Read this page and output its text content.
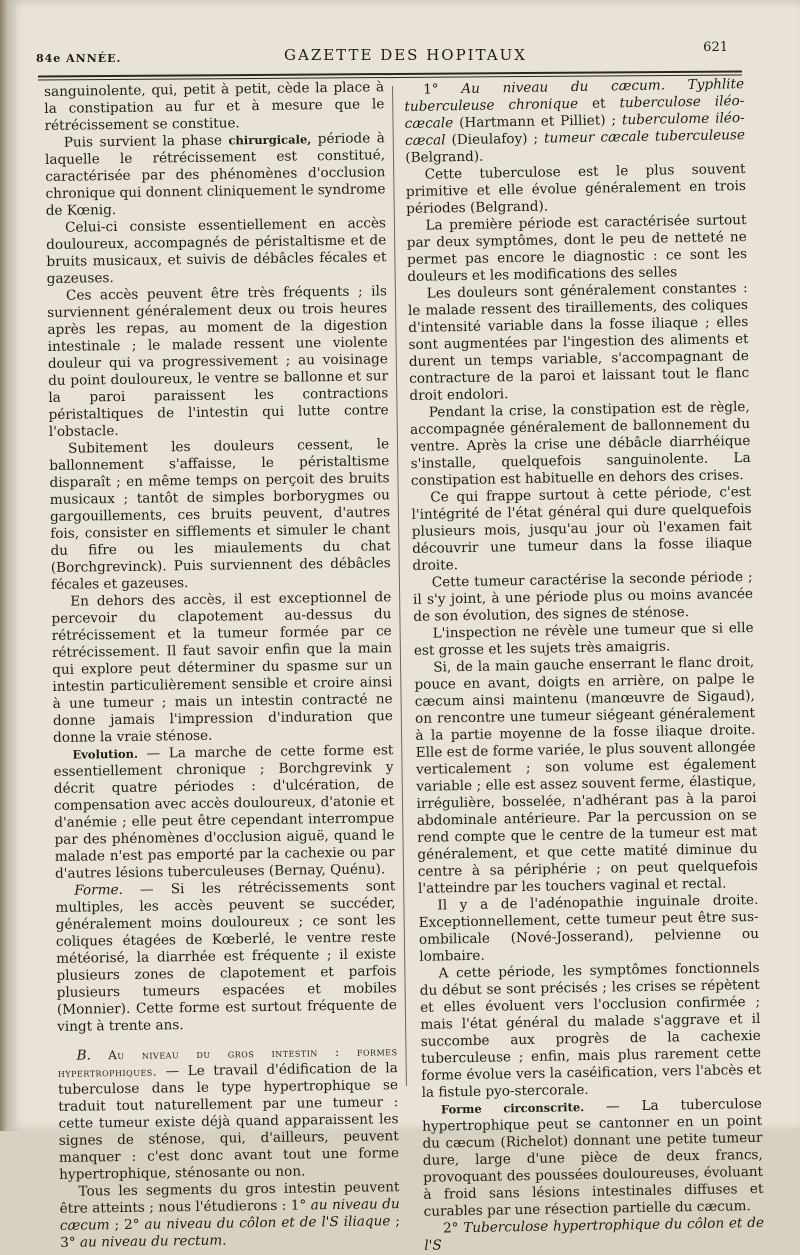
84e ANNÉE.	GAZETTE DES HOPITAUX	621

sanguinolente, qui, petit à petit, cède la place à la constipation au fur et à mesure que le rétrécissement se constitue.

Puis survient la phase chirurgicale, période à laquelle le rétrécissement est constitué, caractérisée par des phénomènes d'occlusion chronique qui donnent cliniquement le syndrome de Kœnig.

Celui-ci consiste essentiellement en accès douloureux, accompagnés de péristaltisme et de bruits musicaux, et suivis de débâcles fécales et gazeuses.

Ces accès peuvent être très fréquents ; ils surviennent généralement deux ou trois heures après les repas, au moment de la digestion intestinale ; le malade ressent une violente douleur qui va progressivement ; au voisinage du point douloureux, le ventre se ballonne et sur la paroi paraissent les contractions péristaltiques de l'intestin qui lutte contre l'obstacle.

Subitement les douleurs cessent, le ballonnement s'affaisse, le péristaltisme disparaît ; en même temps on perçoit des bruits musicaux ; tantôt de simples borborygmes ou gargouillements, ces bruits peuvent, d'autres fois, consister en sifflements et simuler le chant du fifre ou les miaulements du chat (Borchgrevinck). Puis surviennent des débâcles fécales et gazeuses.

En dehors des accès, il est exceptionnel de percevoir du clapotement au-dessus du rétrécissement et la tumeur formée par ce rétrécissement. Il faut savoir enfin que la main qui explore peut déterminer du spasme sur un intestin particulièrement sensible et croire ainsi à une tumeur ; mais un intestin contracté ne donne jamais l'impression d'induration que donne la vraie sténose.

Evolution. — La marche de cette forme est essentiellement chronique ; Borchgrevink y décrit quatre périodes : d'ulcération, de compensation avec accès douloureux, d'atonie et d'anémie ; elle peut être cependant interrompue par des phénomènes d'occlusion aiguë, quand le malade n'est pas emporté par la cachexie ou par d'autres lésions tuberculeuses (Bernay, Quénu).

Forme. — Si les rétrécissements sont multiples, les accès peuvent se succéder, généralement moins douloureux ; ce sont les coliques étagées de Kœberlé, le ventre reste météorisé, la diarrhée est fréquente ; il existe plusieurs zones de clapotement et parfois plusieurs tumeurs espacées et mobiles (Monnier). Cette forme est surtout fréquente de vingt à trente ans.

B. Au niveau du gros intestin : formes hypertrophiques. — Le travail d'édification de la tuberculose dans le type hypertrophique se traduit tout naturellement par une tumeur : cette tumeur existe déjà quand apparaissent les signes de sténose, qui, d'ailleurs, peuvent manquer : c'est donc avant tout une forme hypertrophique, sténosante ou non.

Tous les segments du gros intestin peuvent être atteints ; nous l'étudierons : 1° au niveau du cæcum ; 2° au niveau du côlon et de l'S iliaque ; 3° au niveau du rectum.

1° Au niveau du cæcum. Typhlite tuberculeuse chronique et tuberculose iléo-cæcale (Hartmann et Pilliet) ; tuberculome iléo-cæcal (Dieulafoy) ; tumeur cæcale tuberculeuse (Belgrand).

Cette tuberculose est le plus souvent primitive et elle évolue généralement en trois périodes (Belgrand).

La première période est caractérisée surtout par deux symptômes, dont le peu de netteté ne permet pas encore le diagnostic : ce sont les douleurs et les modifications des selles

Les douleurs sont généralement constantes : le malade ressent des tiraillements, des coliques d'intensité variable dans la fosse iliaque ; elles sont augmentées par l'ingestion des aliments et durent un temps variable, s'accompagnant de contracture de la paroi et laissant tout le flanc droit endolori.

Pendant la crise, la constipation est de règle, accompagnée généralement de ballonnement du ventre. Après la crise une débâcle diarrhéique s'installe, quelquefois sanguinolente. La constipation est habituelle en dehors des crises.

Ce qui frappe surtout à cette période, c'est l'intégrité de l'état général qui dure quelquefois plusieurs mois, jusqu'au jour où l'examen fait découvrir une tumeur dans la fosse iliaque droite.

Cette tumeur caractérise la seconde période ; il s'y joint, à une période plus ou moins avancée de son évolution, des signes de sténose.

L'inspection ne révèle une tumeur que si elle est grosse et les sujets très amaigris.

Si, de la main gauche enserrant le flanc droit, pouce en avant, doigts en arrière, on palpe le cæcum ainsi maintenu (manœuvre de Sigaud), on rencontre une tumeur siégeant généralement à la partie moyenne de la fosse iliaque droite. Elle est de forme variée, le plus souvent allongée verticalement ; son volume est également variable ; elle est assez souvent ferme, élastique, irrégulière, bosselée, n'adhérant pas à la paroi abdominale antérieure. Par la percussion on se rend compte que le centre de la tumeur est mat généralement, et que cette matité diminue du centre à sa périphérie ; on peut quelquefois l'atteindre par les touchers vaginal et rectal.

Il y a de l'adénopathie inguinale droite. Exceptionnellement, cette tumeur peut être sus-ombilicale (Nové-Josserand), pelvienne ou lombaire.

A cette période, les symptômes fonctionnels du début se sont précisés ; les crises se répètent et elles évoluent vers l'occlusion confirmée ; mais l'état général du malade s'aggrave et il succombe aux progrès de la cachexie tuberculeuse ; enfin, mais plus rarement cette forme évolue vers la caséification, vers l'abcès et la fistule pyo-stercorale.

Forme circonscrite. — La tuberculose hypertrophique peut se cantonner en un point du cæcum (Richelot) donnant une petite tumeur dure, large d'une pièce de deux francs, provoquant des poussées douloureuses, évoluant à froid sans lésions intestinales diffuses et curables par une résection partielle du cæcum.

2° Tuberculose hypertrophique du côlon et de l'S
